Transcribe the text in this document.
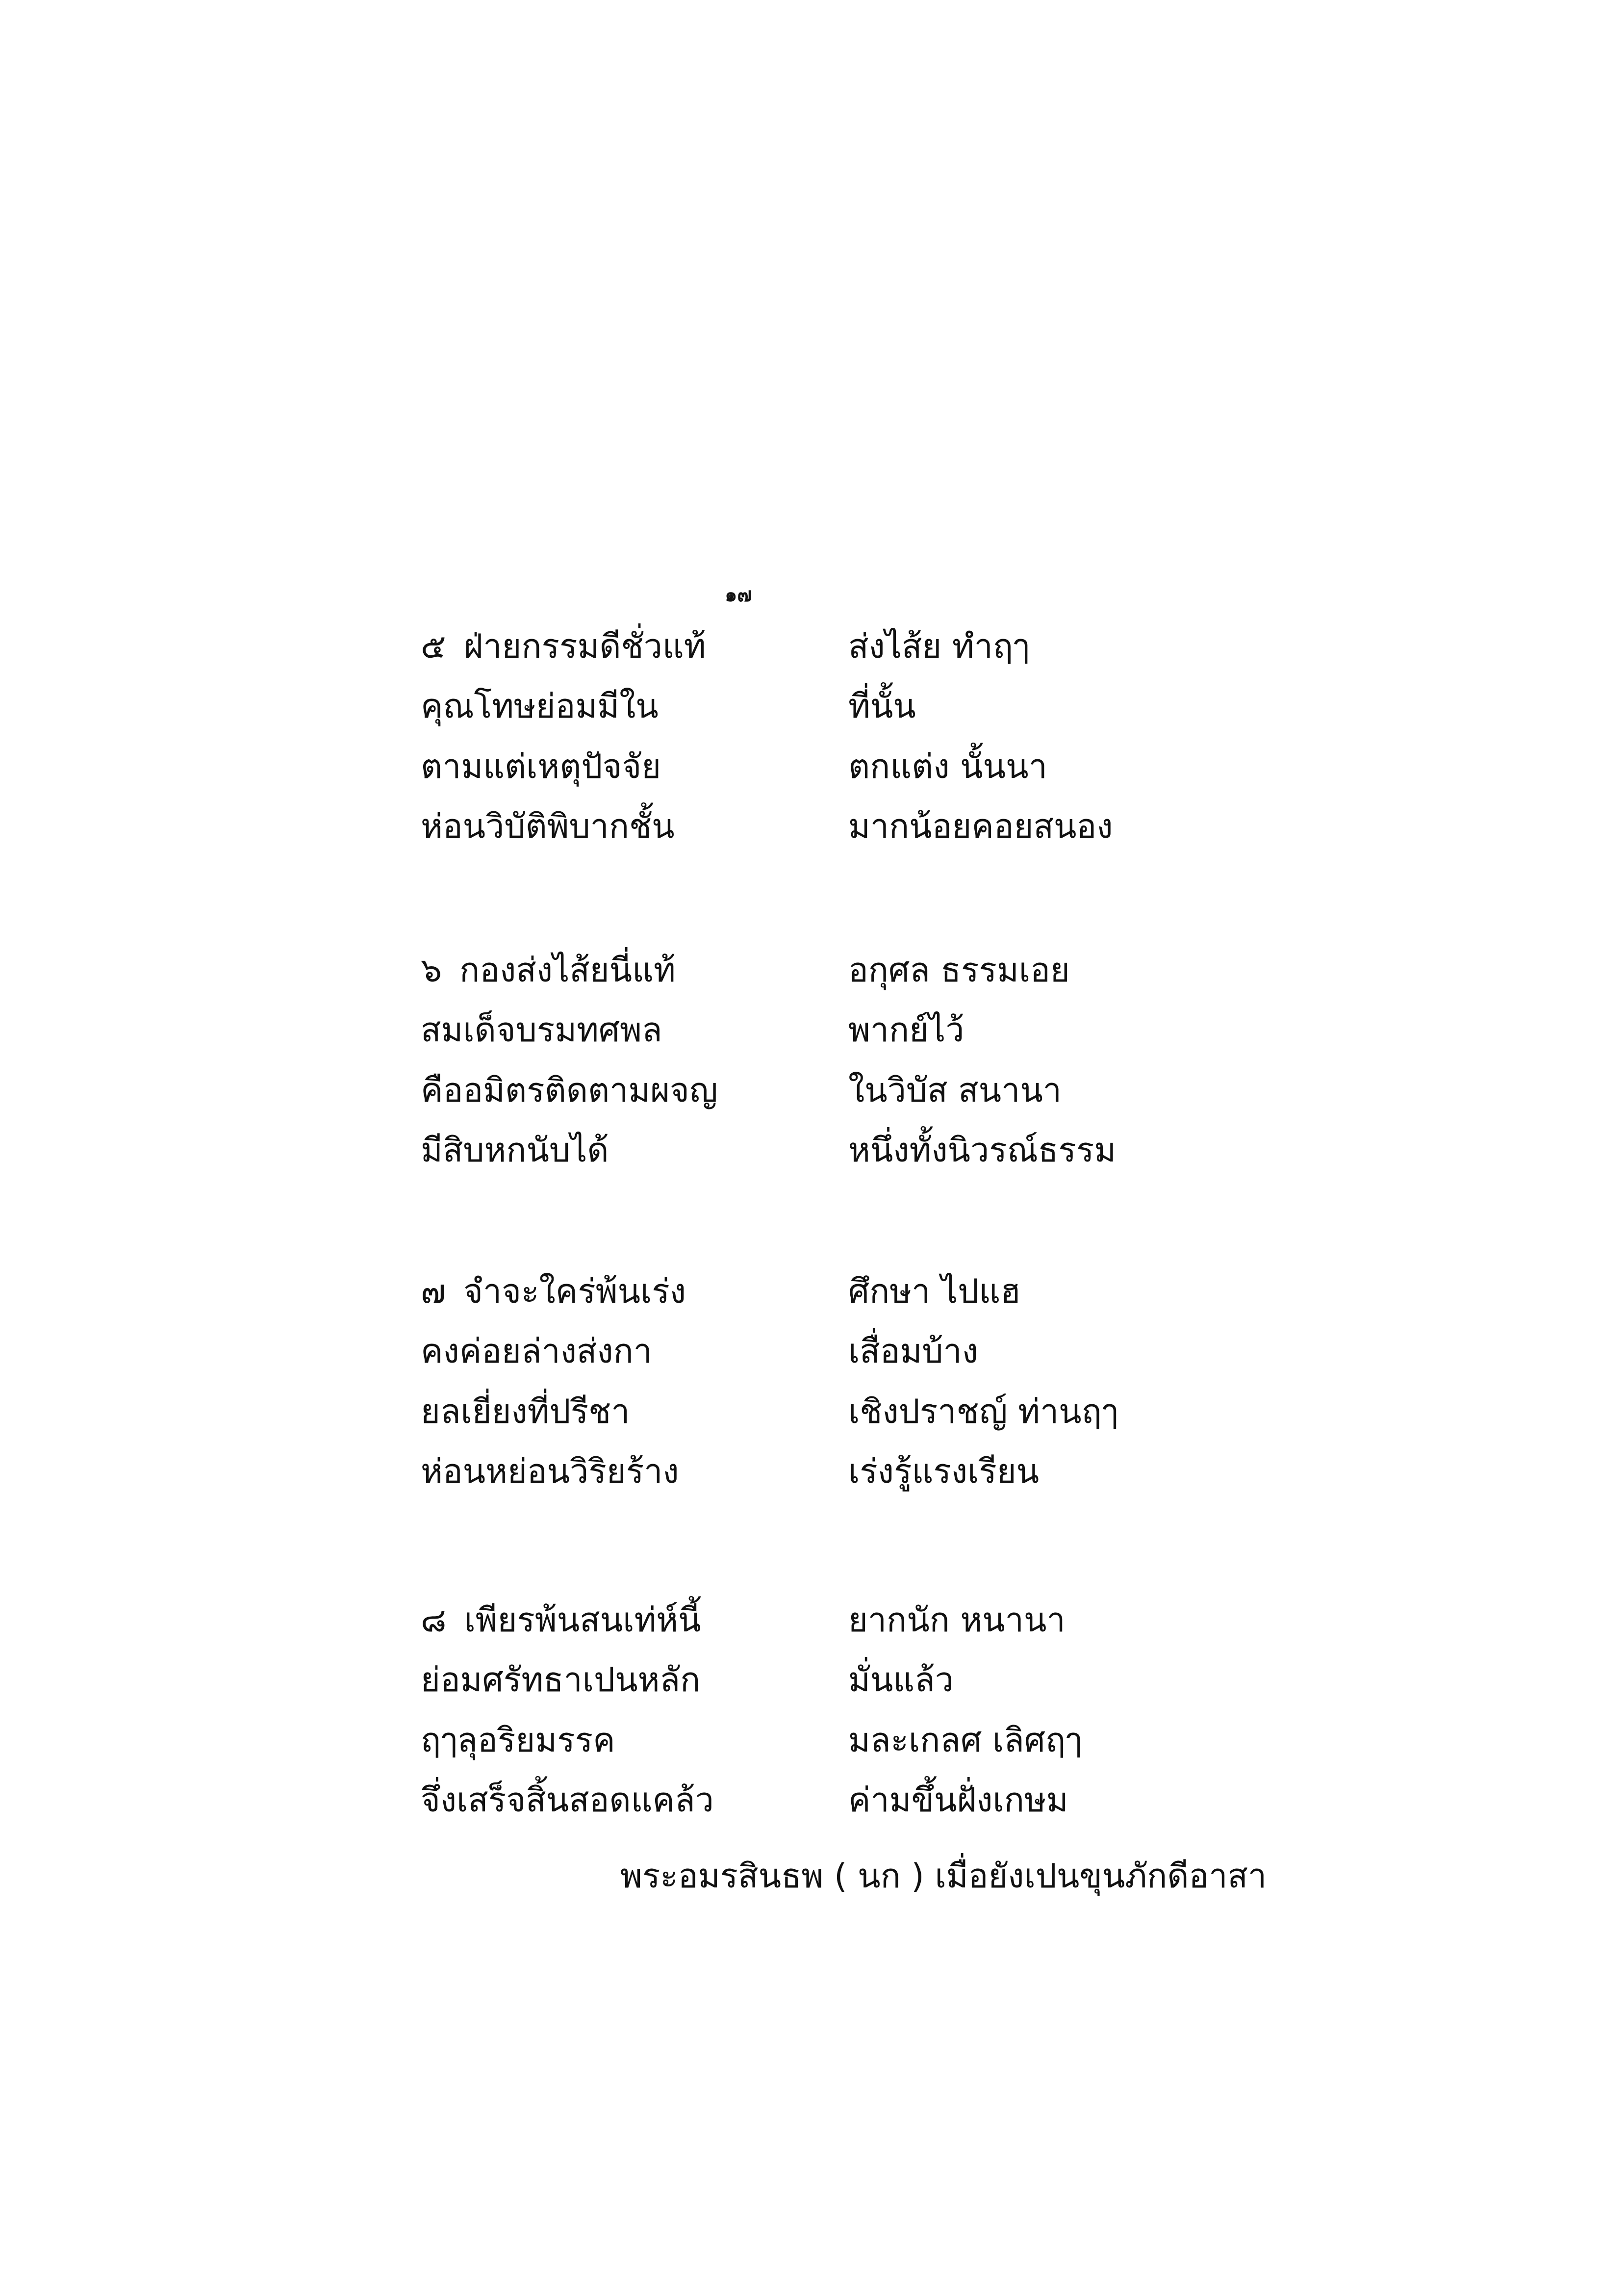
๑๗
๕ ฝ่ายกรรมดีชั่วแท้	ส่งไส้ย ทำฤๅ
คุณโทษย่อมมีใน	ที่นั้น
ตามแต่เหตุปัจจัย	ตกแต่ง นั้นนา
ห่อนวิบัติพิบากชั้น	มากน้อยคอยสนอง
๖ กองส่งไส้ยนี่แท้	อกุศล ธรรมเอย
สมเด็จบรมทศพล	พากย์ไว้
คืออมิตรติดตามผจญ	ในวิบัส สนานา
มีสิบหกนับได้	หนึ่งทั้งนิวรณ์ธรรม
๗ จำจะใคร่พ้นเร่ง	ศึกษา ไปแฮ
คงค่อยล่างส่งกา	เสื่อมบ้าง
ยลเยี่ยงที่ปรีชา	เชิงปราชญ์ ท่านฤๅ
ห่อนหย่อนวิริยร้าง	เร่งรู้แรงเรียน
๘ เพียรพ้นสนเท่ห์นี้	ยากนัก หนานา
ย่อมศรัทธาเปนหลัก	มั่นแล้ว
ฤๅลุอริยมรรค	มละเกลศ เลิศฤๅ
จึ่งเสร็จสิ้นสอดแคล้ว	ค่ามขึ้นฝั่งเกษม
พระอมรสินธพ ( นก ) เมื่อยังเปนขุนภักดีอาสา
